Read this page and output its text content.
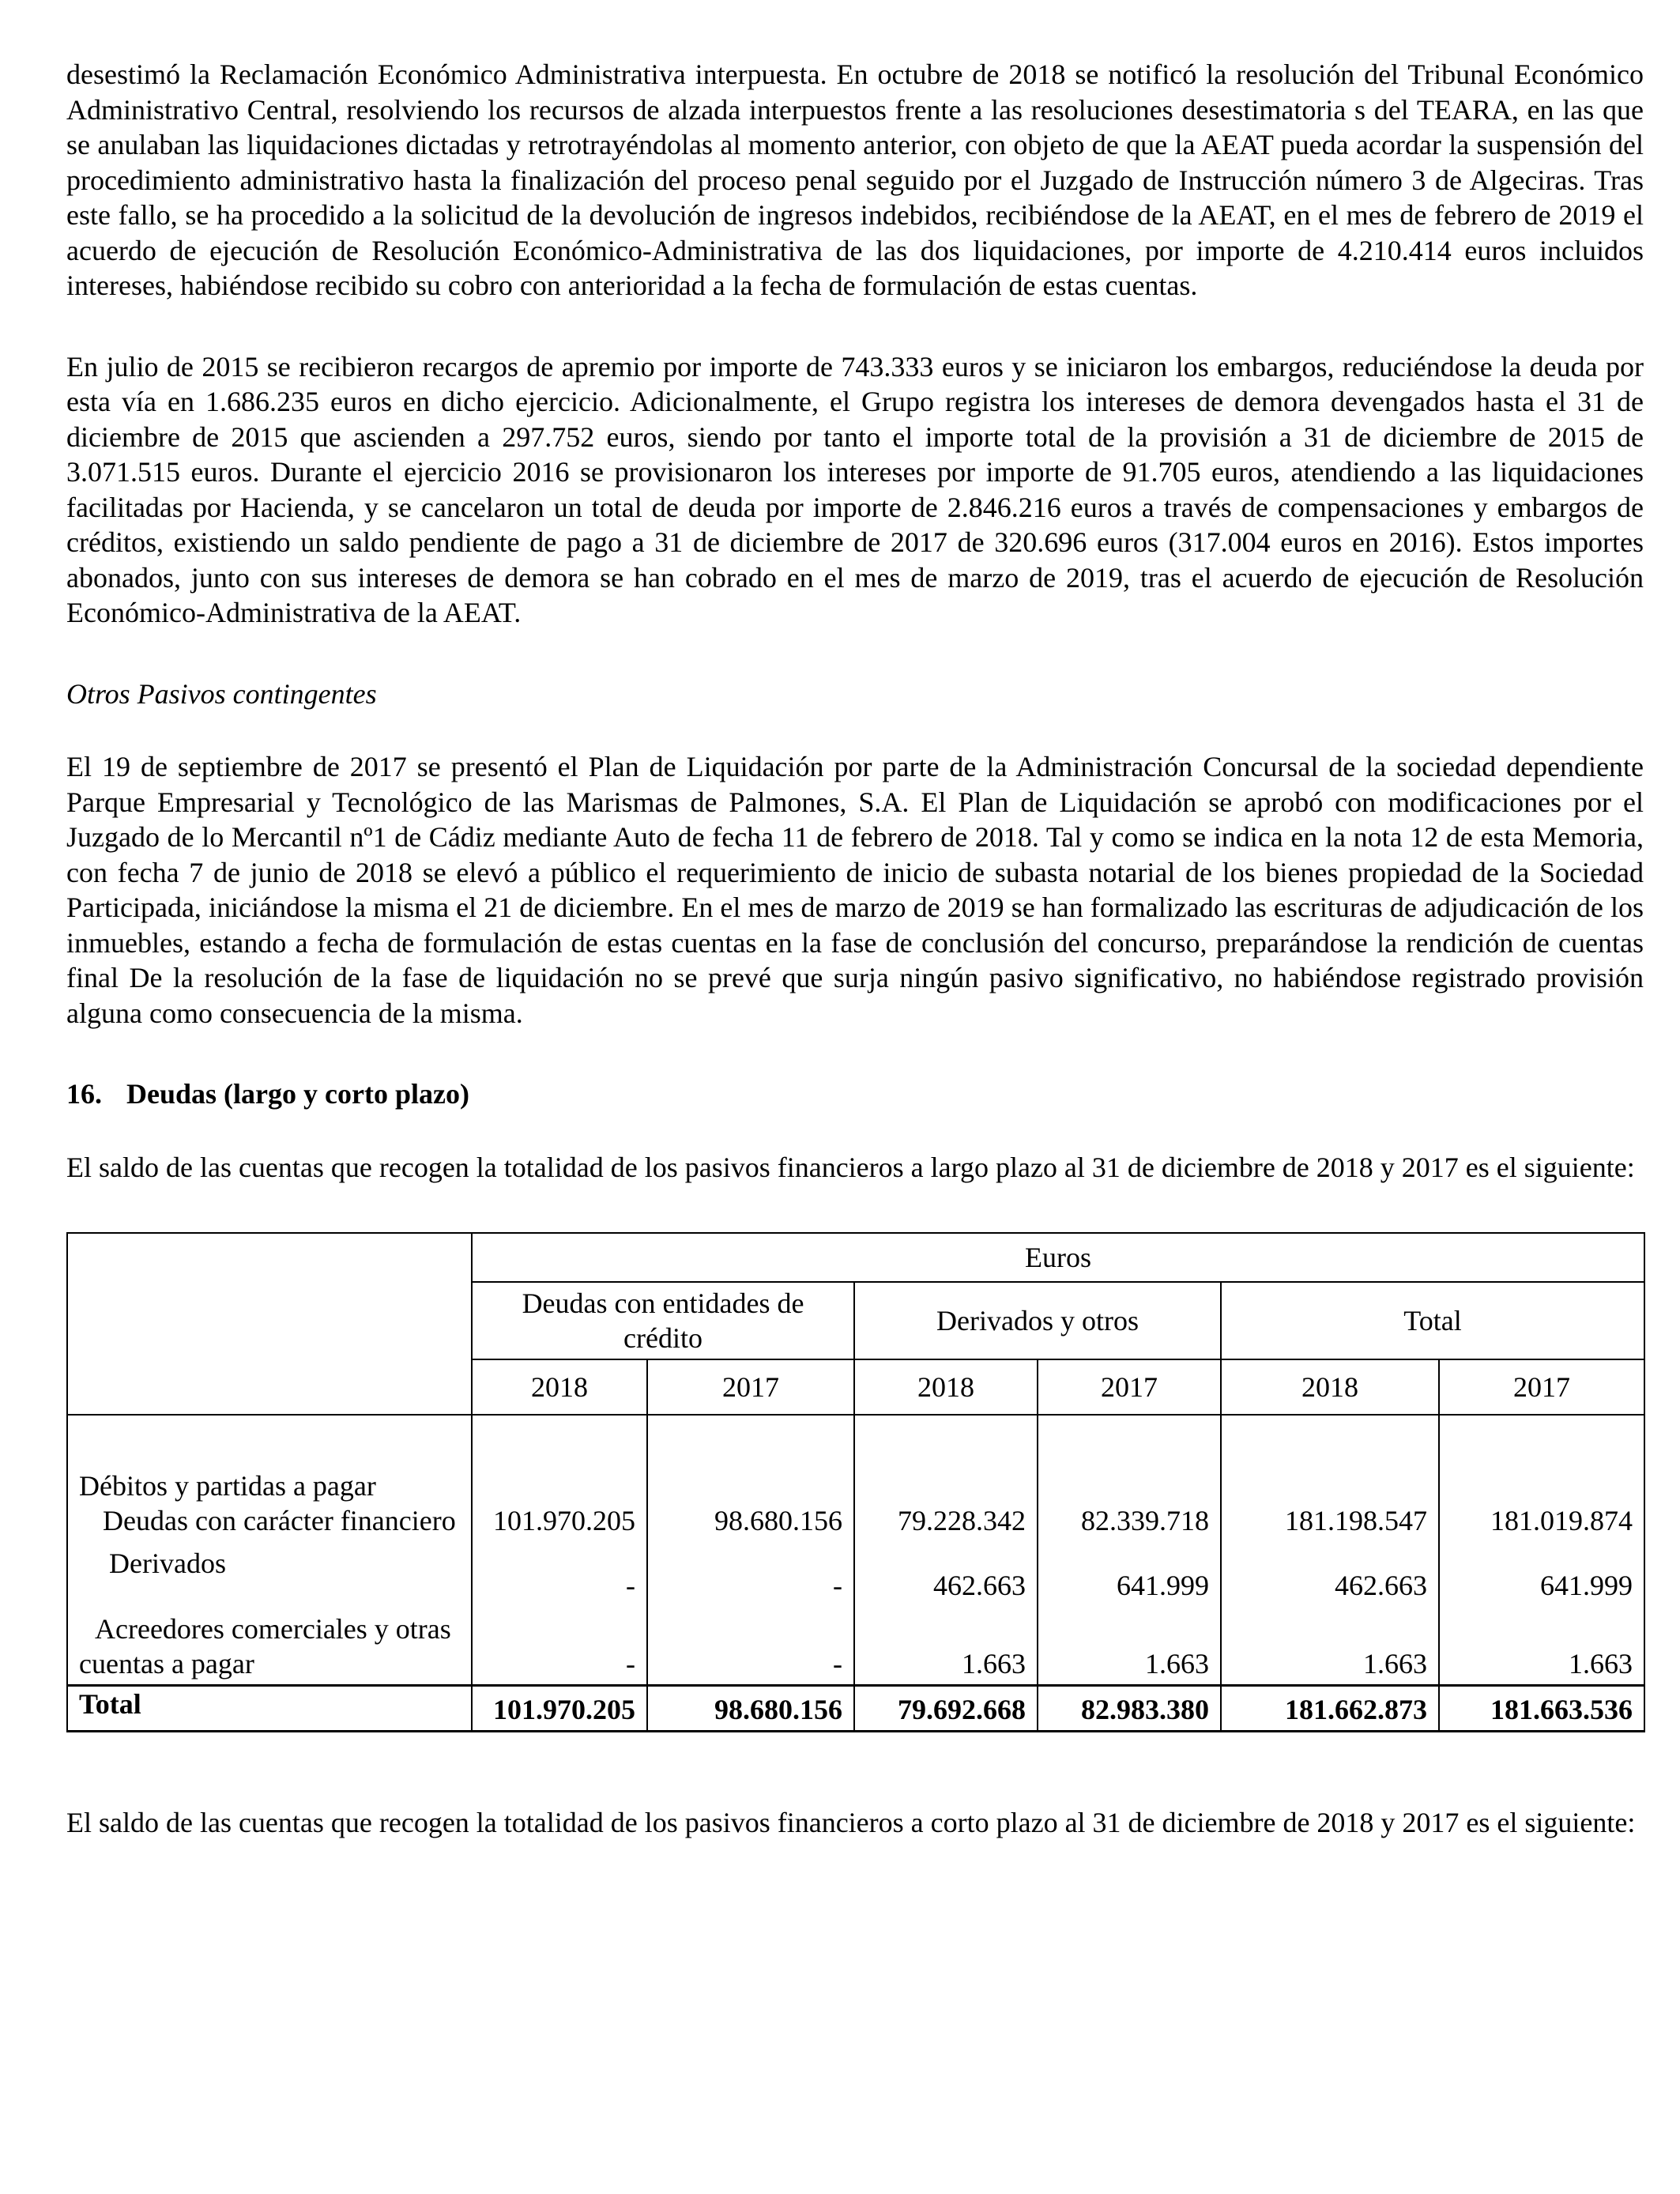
desestimó la Reclamación Económico Administrativa interpuesta. En octubre de 2018 se notificó la resolución del Tribunal Económico Administrativo Central, resolviendo los recursos de alzada interpuestos frente a las resoluciones desestimatoria s del TEARA, en las que se anulaban las liquidaciones dictadas y retrotrayéndolas al momento anterior, con objeto de que la AEAT pueda acordar la suspensión del procedimiento administrativo hasta la finalización del proceso penal seguido por el Juzgado de Instrucción número 3 de Algeciras. Tras este fallo, se ha procedido a la solicitud de la devolución de ingresos indebidos, recibiéndose de la AEAT, en el mes de febrero de 2019 el acuerdo de ejecución de Resolución Económico-Administrativa de las dos liquidaciones, por importe de 4.210.414 euros incluidos intereses, habiéndose recibido su cobro con anterioridad a la fecha de formulación de estas cuentas.

En julio de 2015 se recibieron recargos de apremio por importe de 743.333 euros y se iniciaron los embargos, reduciéndose la deuda por esta vía en 1.686.235 euros en dicho ejercicio. Adicionalmente, el Grupo registra los intereses de demora devengados hasta el 31 de diciembre de 2015 que ascienden a 297.752 euros, siendo por tanto el importe total de la provisión a 31 de diciembre de 2015 de 3.071.515 euros. Durante el ejercicio 2016 se provisionaron los intereses por importe de 91.705 euros, atendiendo a las liquidaciones facilitadas por Hacienda, y se cancelaron un total de deuda por importe de 2.846.216 euros a través de compensaciones y embargos de créditos, existiendo un saldo pendiente de pago a 31 de diciembre de 2017 de 320.696 euros (317.004 euros en 2016). Estos importes abonados, junto con sus intereses de demora se han cobrado en el mes de marzo de 2019, tras el acuerdo de ejecución de Resolución Económico-Administrativa de la AEAT.

Otros Pasivos contingentes

El 19 de septiembre de 2017 se presentó el Plan de Liquidación por parte de la Administración Concursal de la sociedad dependiente Parque Empresarial y Tecnológico de las Marismas de Palmones, S.A. El Plan de Liquidación se aprobó con modificaciones por el Juzgado de lo Mercantil nº1 de Cádiz mediante Auto de fecha 11 de febrero de 2018. Tal y como se indica en la nota 12 de esta Memoria, con fecha 7 de junio de 2018 se elevó a público el requerimiento de inicio de subasta notarial de los bienes propiedad de la Sociedad Participada, iniciándose la misma el 21 de diciembre. En el mes de marzo de 2019 se han formalizado las escrituras de adjudicación de los inmuebles, estando a fecha de formulación de estas cuentas en la fase de conclusión del concurso, preparándose la rendición de cuentas final De la resolución de la fase de liquidación no se prevé que surja ningún pasivo significativo, no habiéndose registrado provisión alguna como consecuencia de la misma.

16. Deudas (largo y corto plazo)

El saldo de las cuentas que recogen la totalidad de los pasivos financieros a largo plazo al 31 de diciembre de 2018 y 2017 es el siguiente:

	Euros					
	Deudas con entidades de crédito		Derivados y otros		Total	
	2018	2017	2018	2017	2018	2017

Débitos y partidas a pagar
Deudas con carácter financiero	101.970.205	98.680.156	79.228.342	82.339.718	181.198.547	181.019.874

Derivados	-	-	462.663	641.999	462.663	641.999

Acreedores comerciales y otras cuentas a pagar	-	-	1.663	1.663	1.663	1.663
Total	101.970.205	98.680.156	79.692.668	82.983.380	181.662.873	181.663.536

El saldo de las cuentas que recogen la totalidad de los pasivos financieros a corto plazo al 31 de diciembre de 2018 y 2017 es el siguiente:
